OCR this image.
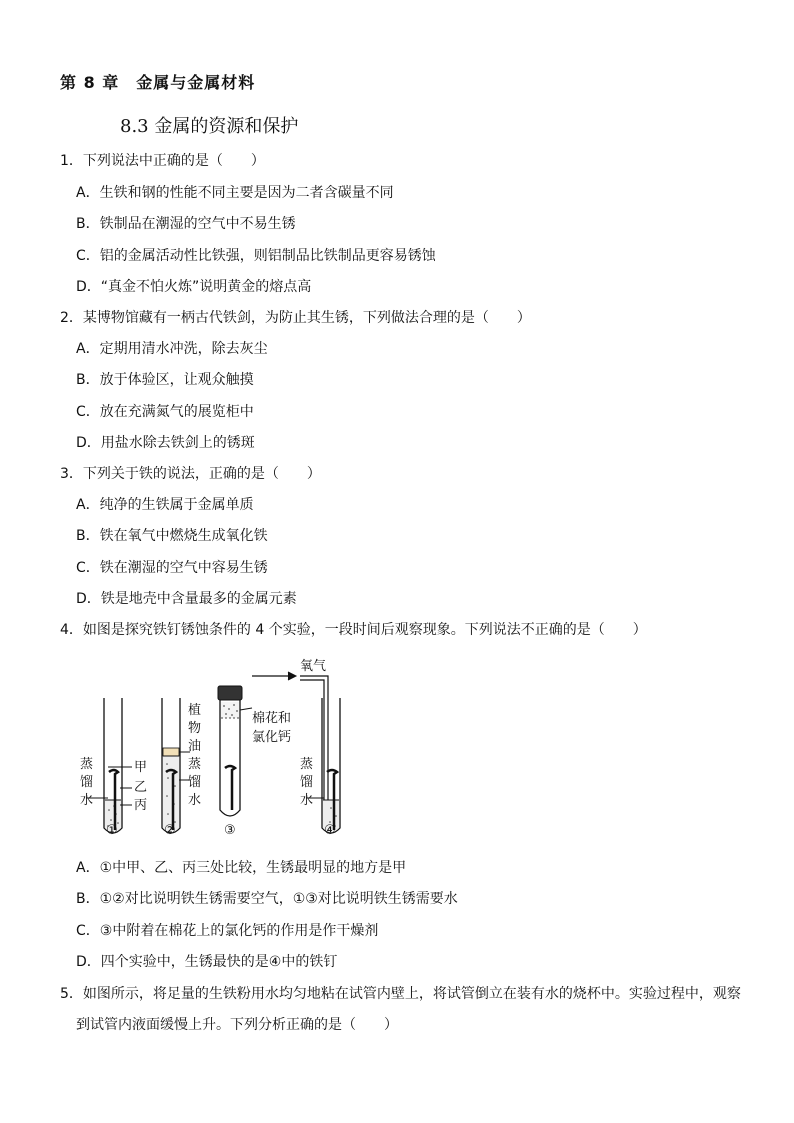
第 8 章　金属与金属材料
8.3 金属的资源和保护
1．下列说法中正确的是（　　）
A．生铁和钢的性能不同主要是因为二者含碳量不同
B．铁制品在潮湿的空气中不易生锈
C．铝的金属活动性比铁强，则铝制品比铁制品更容易锈蚀
D．“真金不怕火炼”说明黄金的熔点高
2．某博物馆藏有一柄古代铁剑，为防止其生锈，下列做法合理的是（　　）
A．定期用清水冲洗，除去灰尘
B．放于体验区，让观众触摸
C．放在充满氮气的展览柜中
D．用盐水除去铁剑上的锈斑
3．下列关于铁的说法，正确的是（　　）
A．纯净的生铁属于金属单质
B．铁在氧气中燃烧生成氧化铁
C．铁在潮湿的空气中容易生锈
D．铁是地壳中含量最多的金属元素
4．如图是探究铁钉锈蚀条件的 4 个实验，一段时间后观察现象。下列说法不正确的是（　　）
蒸
馏
水
甲
乙
丙
①
植
物
油
蒸
馏
水
②
棉花和
氯化钙
③
氧气
蒸
馏
水
④
A．①中甲、乙、丙三处比较，生锈最明显的地方是甲
B．①②对比说明铁生锈需要空气，①③对比说明铁生锈需要水
C．③中附着在棉花上的氯化钙的作用是作干燥剂
D．四个实验中，生锈最快的是④中的铁钉
5．如图所示，将足量的生铁粉用水均匀地粘在试管内壁上，将试管倒立在装有水的烧杯中。实验过程中，观察
到试管内液面缓慢上升。下列分析正确的是（　　）
